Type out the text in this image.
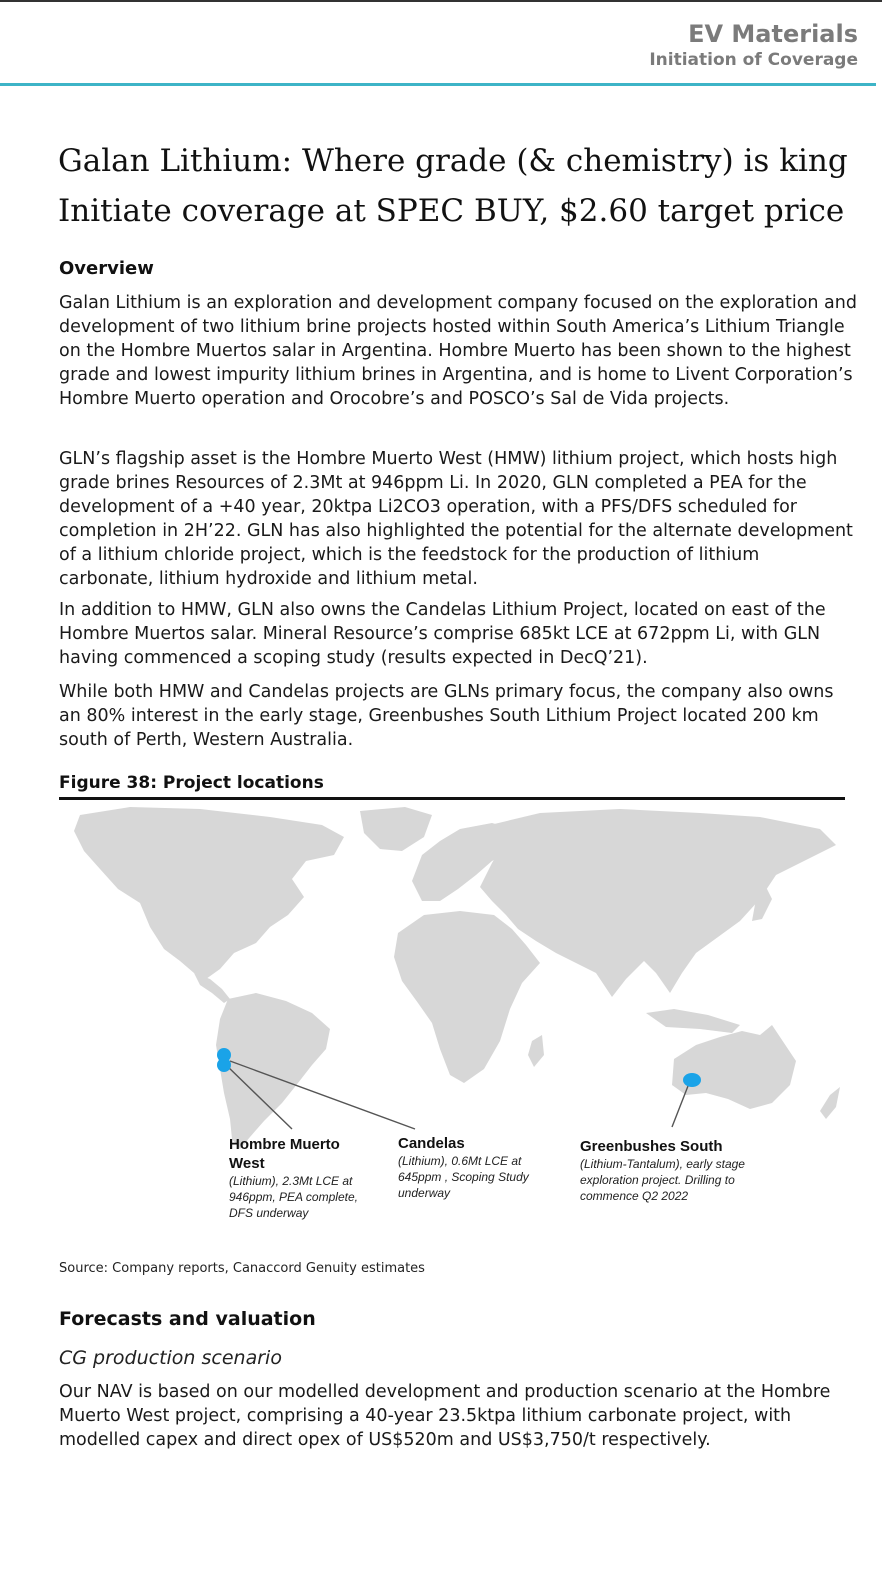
EV Materials
Initiation of Coverage
Galan Lithium: Where grade (& chemistry) is king
Initiate coverage at SPEC BUY, $2.60 target price
Overview
Galan Lithium is an exploration and development company focused on the exploration and development of two lithium brine projects hosted within South America’s Lithium Triangle on the Hombre Muertos salar in Argentina. Hombre Muerto has been shown to the highest grade and lowest impurity lithium brines in Argentina, and is home to Livent Corporation’s Hombre Muerto operation and Orocobre’s and POSCO’s Sal de Vida projects.
GLN’s flagship asset is the Hombre Muerto West (HMW) lithium project, which hosts high grade brines Resources of 2.3Mt at 946ppm Li. In 2020, GLN completed a PEA for the development of a +40 year, 20ktpa Li2CO3 operation, with a PFS/DFS scheduled for completion in 2H’22. GLN has also highlighted the potential for the alternate development of a lithium chloride project, which is the feedstock for the production of lithium carbonate, lithium hydroxide and lithium metal.
In addition to HMW, GLN also owns the Candelas Lithium Project, located on east of the Hombre Muertos salar. Mineral Resource’s comprise 685kt LCE at 672ppm Li, with GLN having commenced a scoping study (results expected in DecQ’21).
While both HMW and Candelas projects are GLNs primary focus, the company also owns an 80% interest in the early stage, Greenbushes South Lithium Project located 200 km south of Perth, Western Australia.
Figure 38: Project locations
Hombre Muerto West
(Lithium), 2.3Mt LCE at 946ppm, PEA complete, DFS underway
Candelas
(Lithium), 0.6Mt LCE at 645ppm , Scoping Study underway
Greenbushes South
(Lithium-Tantalum), early stage exploration project. Drilling to commence Q2 2022
Source: Company reports, Canaccord Genuity estimates
Forecasts and valuation
CG production scenario
Our NAV is based on our modelled development and production scenario at the Hombre Muerto West project, comprising a 40-year 23.5ktpa lithium carbonate project, with modelled capex and direct opex of US$520m and US$3,750/t respectively.
